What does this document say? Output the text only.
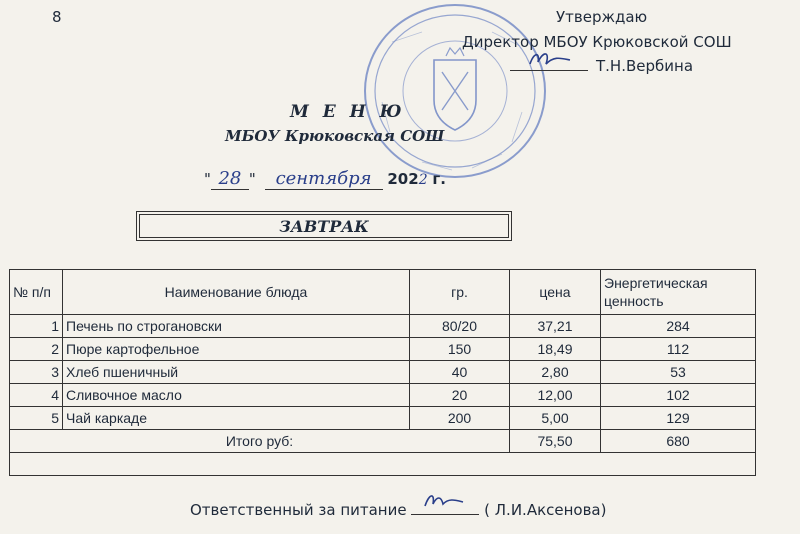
8	Утверждаю
Директор МБОУ Крюковской СОШ
Т.Н.Вербина
М Е Н Ю
МБОУ Крюковская СОШ
" 28 " сентября 2022 г.
ЗАВТРАК
№ п/п	Наименование блюда	гр.	цена	Энергетическая ценность
1	Печень по строгановски	80/20	37,21	284
2	Пюре картофельное	150	18,49	112
3	Хлеб пшеничный	40	2,80	53
4	Сливочное масло	20	12,00	102
5	Чай каркаде	200	5,00	129
Итого руб:			75,50	680

Ответственный за питание	( Л.И.Аксенова)
